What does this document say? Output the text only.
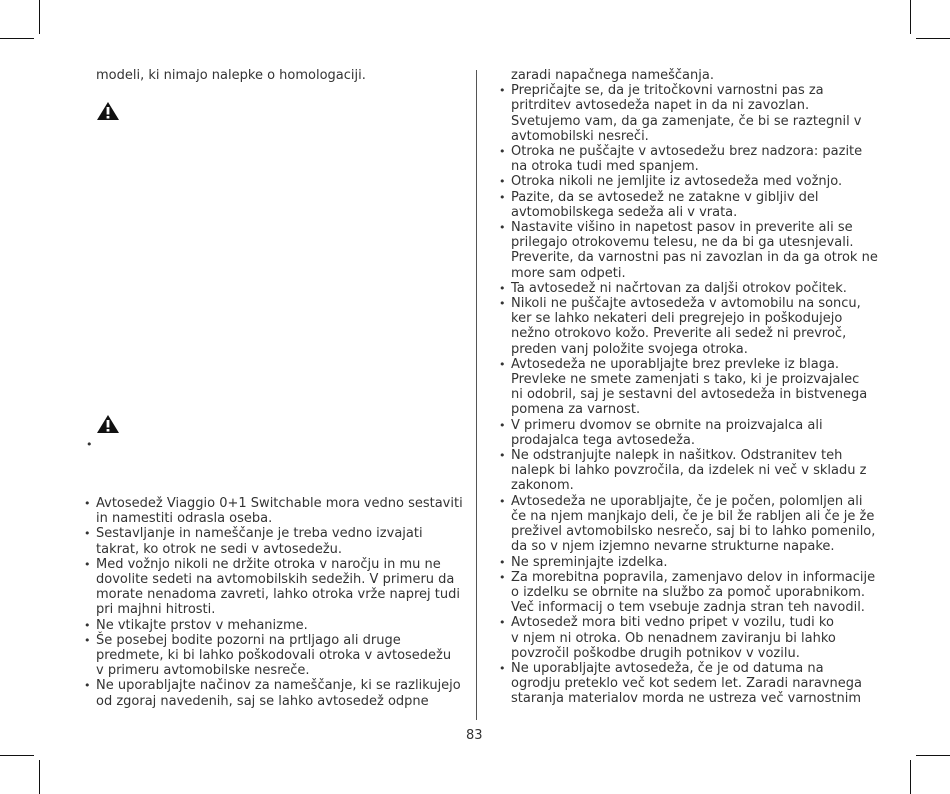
modeli, ki nimajo nalepke o homologaciji.
•
• Avtosedež Viaggio 0+1 Switchable mora vedno sestaviti
in namestiti odrasla oseba.
• Sestavljanje in nameščanje je treba vedno izvajati
takrat, ko otrok ne sedi v avtosedežu.
• Med vožnjo nikoli ne držite otroka v naročju in mu ne
dovolite sedeti na avtomobilskih sedežih. V primeru da
morate nenadoma zavreti, lahko otroka vrže naprej tudi
pri majhni hitrosti.
• Ne vtikajte prstov v mehanizme.
• Še posebej bodite pozorni na prtljago ali druge
predmete, ki bi lahko poškodovali otroka v avtosedežu
v primeru avtomobilske nesreče.
• Ne uporabljajte načinov za nameščanje, ki se razlikujejo
od zgoraj navedenih, saj se lahko avtosedež odpne
zaradi napačnega nameščanja.
• Prepričajte se, da je tritočkovni varnostni pas za
pritrditev avtosedeža napet in da ni zavozlan.
Svetujemo vam, da ga zamenjate, če bi se raztegnil v
avtomobilski nesreči.
• Otroka ne puščajte v avtosedežu brez nadzora: pazite
na otroka tudi med spanjem.
• Otroka nikoli ne jemljite iz avtosedeža med vožnjo.
• Pazite, da se avtosedež ne zatakne v gibljiv del
avtomobilskega sedeža ali v vrata.
• Nastavite višino in napetost pasov in preverite ali se
prilegajo otrokovemu telesu, ne da bi ga utesnjevali.
Preverite, da varnostni pas ni zavozlan in da ga otrok ne
more sam odpeti.
• Ta avtosedež ni načrtovan za daljši otrokov počitek.
• Nikoli ne puščajte avtosedeža v avtomobilu na soncu,
ker se lahko nekateri deli pregrejejo in poškodujejo
nežno otrokovo kožo. Preverite ali sedež ni prevroč,
preden vanj položite svojega otroka.
• Avtosedeža ne uporabljajte brez prevleke iz blaga.
Prevleke ne smete zamenjati s tako, ki je proizvajalec
ni odobril, saj je sestavni del avtosedeža in bistvenega
pomena za varnost.
• V primeru dvomov se obrnite na proizvajalca ali
prodajalca tega avtosedeža.
• Ne odstranjujte nalepk in našitkov. Odstranitev teh
nalepk bi lahko povzročila, da izdelek ni več v skladu z
zakonom.
• Avtosedeža ne uporabljajte, če je počen, polomljen ali
če na njem manjkajo deli, če je bil že rabljen ali če je že
preživel avtomobilsko nesrečo, saj bi to lahko pomenilo,
da so v njem izjemno nevarne strukturne napake.
• Ne spreminjajte izdelka.
• Za morebitna popravila, zamenjavo delov in informacije
o izdelku se obrnite na službo za pomoč uporabnikom.
Več informacij o tem vsebuje zadnja stran teh navodil.
• Avtosedež mora biti vedno pripet v vozilu, tudi ko
v njem ni otroka. Ob nenadnem zaviranju bi lahko
povzročil poškodbe drugih potnikov v vozilu.
• Ne uporabljajte avtosedeža, če je od datuma na
ogrodju preteklo več kot sedem let. Zaradi naravnega
staranja materialov morda ne ustreza več varnostnim
83
